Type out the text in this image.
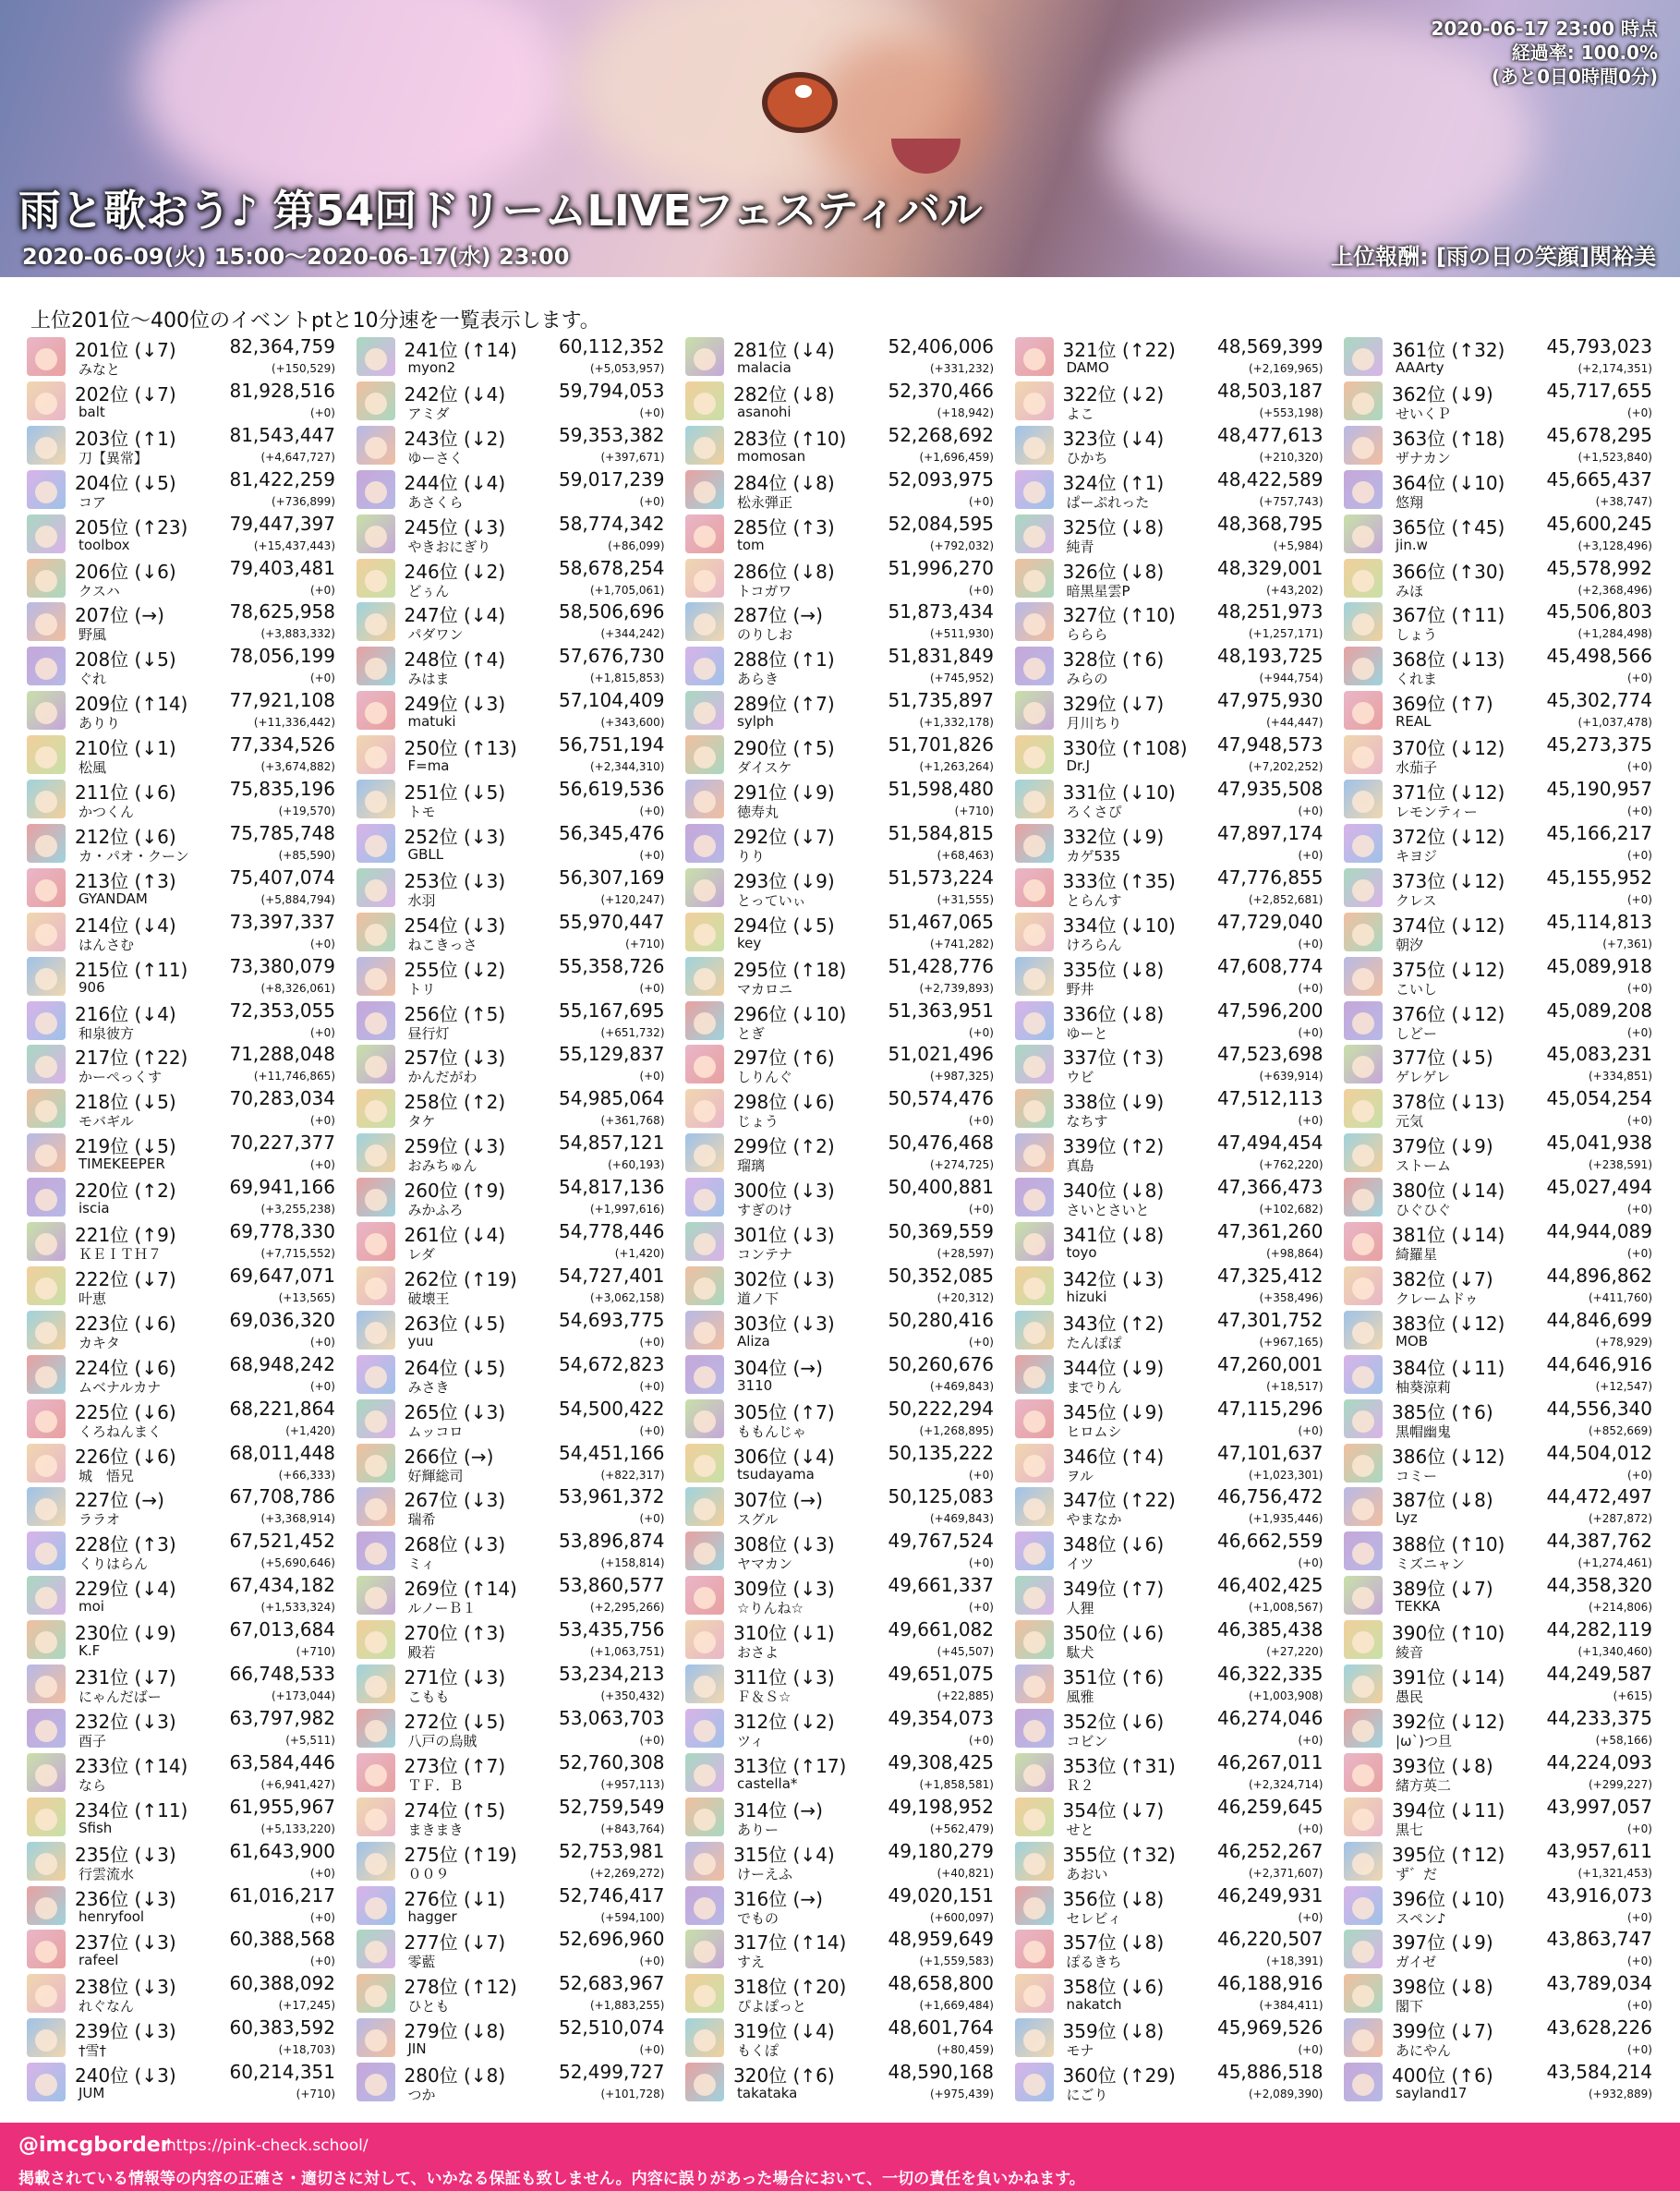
2020-06-17 23:00 時点
経過率: 100.0%
(あと0日0時間0分)
雨と歌おう♪ 第54回ドリームLIVEフェスティバル
2020-06-09(火) 15:00～2020-06-17(水) 23:00	上位報酬: [雨の日の笑顔]関裕美
上位201位～400位のイベントptと10分速を一覧表示します。
201位 (↓7)	82,364,759
みなと	(+150,529)
202位 (↓7)	81,928,516
balt	(+0)
203位 (↑1)	81,543,447
刀【異常】	(+4,647,727)
204位 (↓5)	81,422,259
コア	(+736,899)
205位 (↑23) 79,447,397
toolbox	(+15,437,443)
206位 (↓6)	79,403,481
クスハ	(+0)
207位 (→)	78,625,958
野風	(+3,883,332)
208位 (↓5)	78,056,199
ぐれ	(+0)
209位 (↑14) 77,921,108
ありり	(+11,336,442)
210位 (↓1)	77,334,526
松風	(+3,674,882)
211位 (↓6)	75,835,196
かつくん	(+19,570)
212位 (↓6)	75,785,748
カ・パオ・クーン	(+85,590)
213位 (↑3)	75,407,074
GYANDAM	(+5,884,794)
214位 (↓4)	73,397,337
はんさむ	(+0)
215位 (↑11) 73,380,079
906	(+8,326,061)
216位 (↓4)	72,353,055
和泉彼方	(+0)
217位 (↑22) 71,288,048
かーぺっくす	(+11,746,865)
218位 (↓5)	70,283,034
モバギル	(+0)
219位 (↓5)	70,227,377
TIMEKEEPER	(+0)
220位 (↑2)	69,941,166
iscia	(+3,255,238)
221位 (↑9)	69,778,330
ＫＥＩＴＨ７	(+7,715,552)
222位 (↓7)	69,647,071
叶恵	(+13,565)
223位 (↓6)	69,036,320
カキタ	(+0)
224位 (↓6)	68,948,242
ムベナルカナ	(+0)
225位 (↓6)	68,221,864
くろねんまく	(+1,420)
226位 (↓6)	68,011,448
城　悟兄	(+66,333)
227位 (→)	67,708,786
ララオ	(+3,368,914)
228位 (↑3)	67,521,452
くりはらん	(+5,690,646)
229位 (↓4)	67,434,182
moi	(+1,533,324)
230位 (↓9)	67,013,684
K.F	(+710)
231位 (↓7)	66,748,533
にゃんだばー	(+173,044)
232位 (↓3)	63,797,982
酉子	(+5,511)
233位 (↑14) 63,584,446
なら	(+6,941,427)
234位 (↑11) 61,955,967
Sfish	(+5,133,220)
235位 (↓3)	61,643,900
行雲流水	(+0)
236位 (↓3)	61,016,217
henryfool	(+0)
237位 (↓3)	60,388,568
rafeel	(+0)
238位 (↓3)	60,388,092
れぐなん	(+17,245)
239位 (↓3)	60,383,592
†雪†	(+18,703)
240位 (↓3)	60,214,351
JUM	(+710)
241位 (↑14) 60,112,352
myon2	(+5,053,957)
242位 (↓4)	59,794,053
アミダ	(+0)
243位 (↓2)	59,353,382
ゆーさく	(+397,671)
244位 (↓4)	59,017,239
あさくら	(+0)
245位 (↓3)	58,774,342
やきおにぎり	(+86,099)
246位 (↓2)	58,678,254
どぅん	(+1,705,061)
247位 (↓4)	58,506,696
パダワン	(+344,242)
248位 (↑4)	57,676,730
みはま	(+1,815,853)
249位 (↓3)	57,104,409
matuki	(+343,600)
250位 (↑13) 56,751,194
F=ma	(+2,344,310)
251位 (↓5)	56,619,536
トモ	(+0)
252位 (↓3)	56,345,476
GBLL	(+0)
253位 (↓3)	56,307,169
水羽	(+120,247)
254位 (↓3)	55,970,447
ねこきっさ	(+710)
255位 (↓2)	55,358,726
トリ	(+0)
256位 (↑5)	55,167,695
昼行灯	(+651,732)
257位 (↓3)	55,129,837
かんだがわ	(+0)
258位 (↑2)	54,985,064
タケ	(+361,768)
259位 (↓3)	54,857,121
おみちゅん	(+60,193)
260位 (↑9)	54,817,136
みかふろ	(+1,997,616)
261位 (↓4)	54,778,446
レダ	(+1,420)
262位 (↑19) 54,727,401
破壊王	(+3,062,158)
263位 (↓5)	54,693,775
yuu	(+0)
264位 (↓5)	54,672,823
みさき	(+0)
265位 (↓3)	54,500,422
ムッコロ	(+0)
266位 (→)	54,451,166
好輝総司	(+822,317)
267位 (↓3)	53,961,372
瑞希	(+0)
268位 (↓3)	53,896,874
ミィ	(+158,814)
269位 (↑14) 53,860,577
ルノーＢ１	(+2,295,266)
270位 (↑3)	53,435,756
殿若	(+1,063,751)
271位 (↓3)	53,234,213
こもも	(+350,432)
272位 (↓5)	53,063,703
八戸の烏賊	(+0)
273位 (↑7)	52,760,308
ＴＦ．Ｂ	(+957,113)
274位 (↑5)	52,759,549
まきまき	(+843,764)
275位 (↑19) 52,753,981
００９	(+2,269,272)
276位 (↓1)	52,746,417
hagger	(+594,100)
277位 (↓7)	52,696,960
零藍	(+0)
278位 (↑12) 52,683,967
ひとも	(+1,883,255)
279位 (↓8)	52,510,074
JIN	(+0)
280位 (↓8)	52,499,727
つか	(+101,728)
281位 (↓4)	52,406,006
malacia	(+331,232)
282位 (↓8)	52,370,466
asanohi	(+18,942)
283位 (↑10) 52,268,692
momosan	(+1,696,459)
284位 (↓8)	52,093,975
松永弾正	(+0)
285位 (↑3)	52,084,595
tom	(+792,032)
286位 (↓8)	51,996,270
トコガワ	(+0)
287位 (→)	51,873,434
のりしお	(+511,930)
288位 (↑1)	51,831,849
あらき	(+745,952)
289位 (↑7)	51,735,897
sylph	(+1,332,178)
290位 (↑5)	51,701,826
ダイスケ	(+1,263,264)
291位 (↓9)	51,598,480
徳寿丸	(+710)
292位 (↓7)	51,584,815
りり	(+68,463)
293位 (↓9)	51,573,224
とっていぃ	(+31,555)
294位 (↓5)	51,467,065
key	(+741,282)
295位 (↑18) 51,428,776
マカロニ	(+2,739,893)
296位 (↓10) 51,363,951
とぎ	(+0)
297位 (↑6)	51,021,496
しりんぐ	(+987,325)
298位 (↓6)	50,574,476
じょう	(+0)
299位 (↑2)	50,476,468
瑠璃	(+274,725)
300位 (↓3)	50,400,881
すぎのけ	(+0)
301位 (↓3)	50,369,559
コンテナ	(+28,597)
302位 (↓3)	50,352,085
道ノ下	(+20,312)
303位 (↓3)	50,280,416
Aliza	(+0)
304位 (→)	50,260,676
3110	(+469,843)
305位 (↑7)	50,222,294
ももんじゃ	(+1,268,895)
306位 (↓4)	50,135,222
tsudayama	(+0)
307位 (→)	50,125,083
スグル	(+469,843)
308位 (↓3)	49,767,524
ヤマカン	(+0)
309位 (↓3)	49,661,337
☆りんね☆	(+0)
310位 (↓1)	49,661,082
おさよ	(+45,507)
311位 (↓3)	49,651,075
Ｆ＆Ｓ☆	(+22,885)
312位 (↓2)	49,354,073
ツィ	(+0)
313位 (↑17) 49,308,425
castella*	(+1,858,581)
314位 (→)	49,198,952
ありー	(+562,479)
315位 (↓4)	49,180,279
けーえふ	(+40,821)
316位 (→)	49,020,151
でもの	(+600,097)
317位 (↑14) 48,959,649
すえ	(+1,559,583)
318位 (↑20) 48,658,800
ぴよぽっと	(+1,669,484)
319位 (↓4)	48,601,764
もくぽ	(+80,459)
320位 (↑6)	48,590,168
takataka	(+975,439)
321位 (↑22) 48,569,399
DAMO	(+2,169,965)
322位 (↓2)	48,503,187
よこ	(+553,198)
323位 (↓4)	48,477,613
ひかち	(+210,320)
324位 (↑1)	48,422,589
ぱーぷれった	(+757,743)
325位 (↓8)	48,368,795
純青	(+5,984)
326位 (↓8)	48,329,001
暗黒星雲P	(+43,202)
327位 (↑10) 48,251,973
ららら	(+1,257,171)
328位 (↑6)	48,193,725
みらの	(+944,754)
329位 (↓7)	47,975,930
月川ちり	(+44,447)
330位 (↑108) 47,948,573
Dr.J	(+7,202,252)
331位 (↓10) 47,935,508
ろくさぴ	(+0)
332位 (↓9)	47,897,174
カゲ535	(+0)
333位 (↑35) 47,776,855
とらんす	(+2,852,681)
334位 (↓10) 47,729,040
けろらん	(+0)
335位 (↓8)	47,608,774
野井	(+0)
336位 (↓8)	47,596,200
ゆーと	(+0)
337位 (↑3)	47,523,698
ウビ	(+639,914)
338位 (↓9)	47,512,113
なちす	(+0)
339位 (↑2)	47,494,454
真島	(+762,220)
340位 (↓8)	47,366,473
さいとさいと	(+102,682)
341位 (↓8)	47,361,260
toyo	(+98,864)
342位 (↓3)	47,325,412
hizuki	(+358,496)
343位 (↑2)	47,301,752
たんぽぽ	(+967,165)
344位 (↓9)	47,260,001
までりん	(+18,517)
345位 (↓9)	47,115,296
ヒロムシ	(+0)
346位 (↑4)	47,101,637
ヲル	(+1,023,301)
347位 (↑22) 46,756,472
やまなか	(+1,935,446)
348位 (↓6)	46,662,559
イツ	(+0)
349位 (↑7)	46,402,425
人狸	(+1,008,567)
350位 (↓6)	46,385,438
駄犬	(+27,220)
351位 (↑6)	46,322,335
風雅	(+1,003,908)
352位 (↓6)	46,274,046
コビン	(+0)
353位 (↑31) 46,267,011
Ｒ２	(+2,324,714)
354位 (↓7)	46,259,645
せと	(+0)
355位 (↑32) 46,252,267
あおい	(+2,371,607)
356位 (↓8)	46,249,931
セレビィ	(+0)
357位 (↓8)	46,220,507
ぽるきち	(+18,391)
358位 (↓6)	46,188,916
nakatch	(+384,411)
359位 (↓8)	45,969,526
モナ	(+0)
360位 (↑29) 45,886,518
にごり	(+2,089,390)
361位 (↑32) 45,793,023
AAArty	(+2,174,351)
362位 (↓9)	45,717,655
せいくＰ	(+0)
363位 (↑18) 45,678,295
ザナカン	(+1,523,840)
364位 (↓10) 45,665,437
悠翔	(+38,747)
365位 (↑45) 45,600,245
jin.w	(+3,128,496)
366位 (↑30) 45,578,992
みほ	(+2,368,496)
367位 (↑11) 45,506,803
しょう	(+1,284,498)
368位 (↓13) 45,498,566
くれま	(+0)
369位 (↑7)	45,302,774
REAL	(+1,037,478)
370位 (↓12) 45,273,375
水茄子	(+0)
371位 (↓12) 45,190,957
レモンティー	(+0)
372位 (↓12) 45,166,217
キヨジ	(+0)
373位 (↓12) 45,155,952
クレス	(+0)
374位 (↓12) 45,114,813
朝汐	(+7,361)
375位 (↓12) 45,089,918
こいし	(+0)
376位 (↓12) 45,089,208
しどー	(+0)
377位 (↓5)	45,083,231
ゲレゲレ	(+334,851)
378位 (↓13) 45,054,254
元気	(+0)
379位 (↓9)	45,041,938
ストーム	(+238,591)
380位 (↓14) 45,027,494
ひぐひぐ	(+0)
381位 (↓14) 44,944,089
綺羅星	(+0)
382位 (↓7)	44,896,862
クレームドゥ	(+411,760)
383位 (↓12) 44,846,699
MOB	(+78,929)
384位 (↓11) 44,646,916
柚葵涼莉	(+12,547)
385位 (↑6)	44,556,340
黒帽幽鬼	(+852,669)
386位 (↓12) 44,504,012
コミー	(+0)
387位 (↓8)	44,472,497
Lyz	(+287,872)
388位 (↑10) 44,387,762
ミズニャン	(+1,274,461)
389位 (↓7)	44,358,320
TEKKA	(+214,806)
390位 (↑10) 44,282,119
綾音	(+1,340,460)
391位 (↓14) 44,249,587
愚民	(+615)
392位 (↓12) 44,233,375
|ω`)つ旦	(+58,166)
393位 (↓8)	44,224,093
緒方英二	(+299,227)
394位 (↓11) 43,997,057
黒七	(+0)
395位 (↑12) 43,957,611
ず゛だ	(+1,321,453)
396位 (↓10) 43,916,073
スペン♪	(+0)
397位 (↓9)	43,863,747
ガイゼ	(+0)
398位 (↓8)	43,789,034
閣下	(+0)
399位 (↓7)	43,628,226
あにやん	(+0)
400位 (↑6)	43,584,214
sayland17	(+932,889)
@imcgborder
https://pink-check.school/
掲載されている情報等の内容の正確さ・適切さに対して、いかなる保証も致しません。内容に誤りがあった場合において、一切の責任を負いかねます。
